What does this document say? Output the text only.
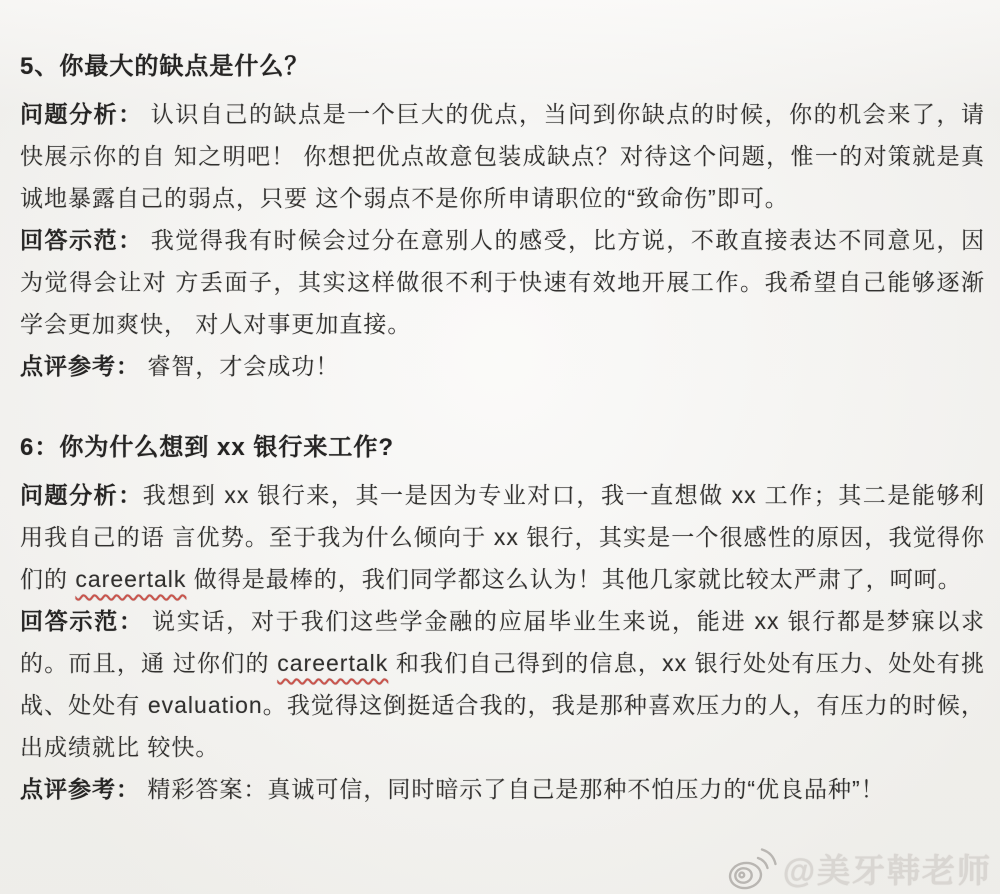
5、你最大的缺点是什么？

问题分析： 认识自己的缺点是一个巨大的优点，当问到你缺点的时候，你的机会来了，请快展示你的自 知之明吧！ 你想把优点故意包装成缺点？对待这个问题，惟一的对策就是真诚地暴露自己的弱点，只要 这个弱点不是你所申请职位的“致命伤”即可。

回答示范： 我觉得我有时候会过分在意别人的感受，比方说，不敢直接表达不同意见，因为觉得会让对 方丢面子，其实这样做很不利于快速有效地开展工作。我希望自己能够逐渐学会更加爽快， 对人对事更加直接。

点评参考： 睿智，才会成功！

6：你为什么想到 xx 银行来工作?

问题分析：我想到 xx 银行来，其一是因为专业对口，我一直想做 xx 工作；其二是能够利用我自己的语 言优势。至于我为什么倾向于 xx 银行，其实是一个很感性的原因，我觉得你们的 careertalk 做得是最棒的，我们同学都这么认为！其他几家就比较太严肃了，呵呵。

回答示范： 说实话，对于我们这些学金融的应届毕业生来说，能进 xx 银行都是梦寐以求的。而且，通 过你们的 careertalk 和我们自己得到的信息，xx 银行处处有压力、处处有挑战、处处有 evaluation。我觉得这倒挺适合我的，我是那种喜欢压力的人，有压力的时候，出成绩就比 较快。

点评参考： 精彩答案：真诚可信，同时暗示了自己是那种不怕压力的“优良品种”！

@美牙韩老师
